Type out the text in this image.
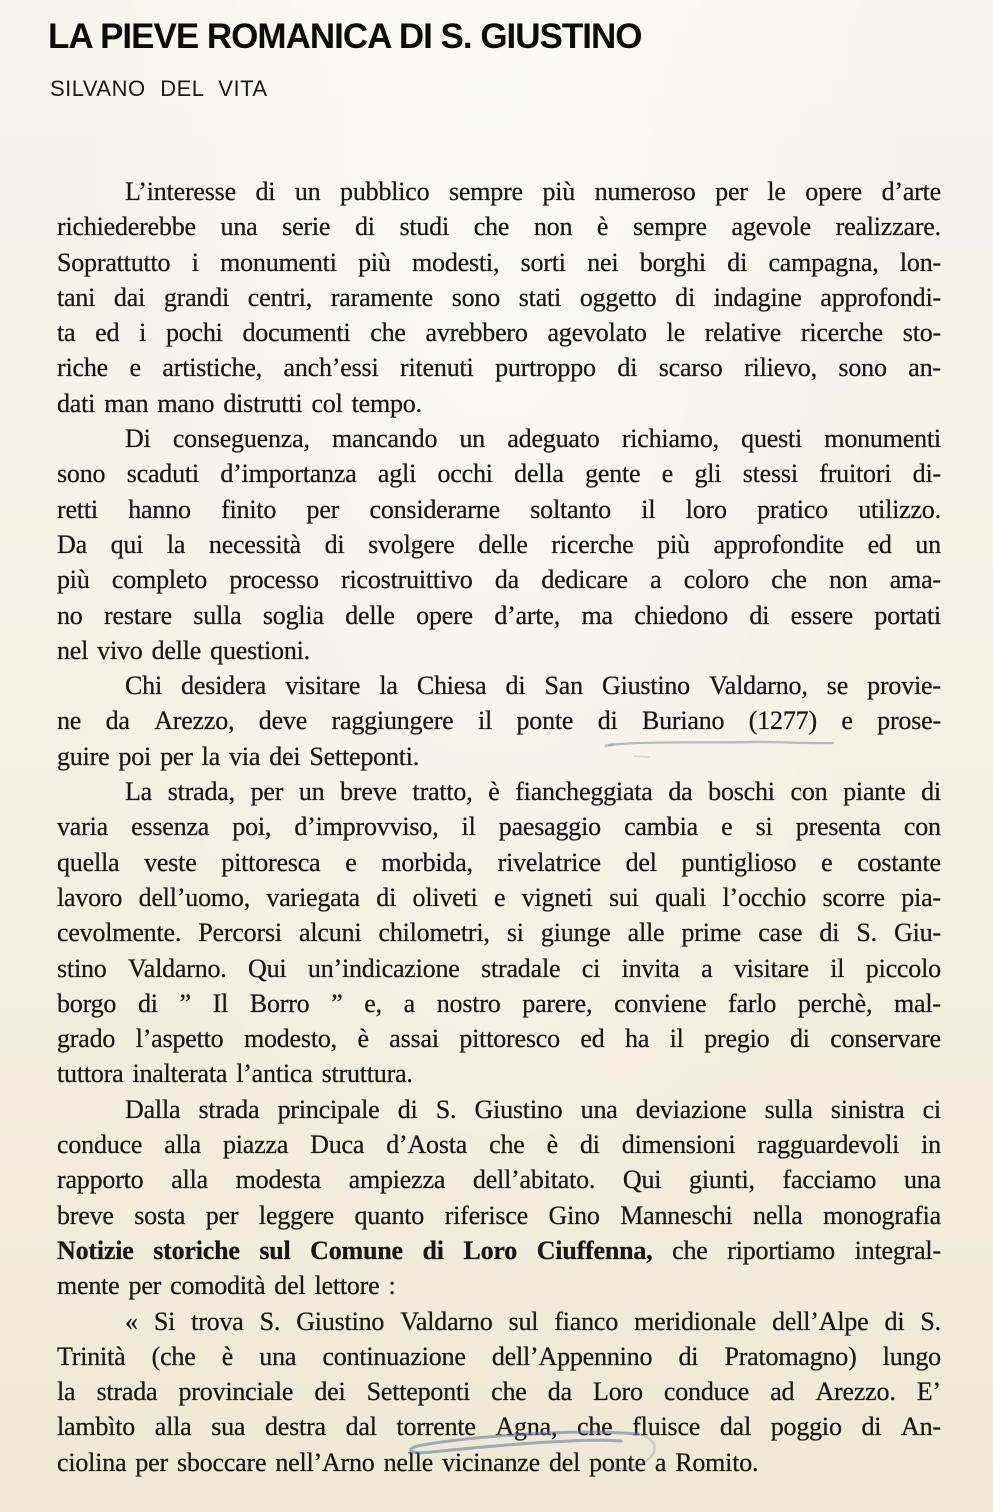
LA PIEVE ROMANICA DI S. GIUSTINO
SILVANO DEL VITA
L’interesse di un pubblico sempre più numeroso per le opere d’arte
richiederebbe una serie di studi che non è sempre agevole realizzare.
Soprattutto i monumenti più modesti, sorti nei borghi di campagna, lon-
tani dai grandi centri, raramente sono stati oggetto di indagine approfondi-
ta ed i pochi documenti che avrebbero agevolato le relative ricerche sto-
riche e artistiche, anch’essi ritenuti purtroppo di scarso rilievo, sono an-
dati man mano distrutti col tempo.
Di conseguenza, mancando un adeguato richiamo, questi monumenti
sono scaduti d’importanza agli occhi della gente e gli stessi fruitori di-
retti hanno finito per considerarne soltanto il loro pratico utilizzo.
Da qui la necessità di svolgere delle ricerche più approfondite ed un
più completo processo ricostruittivo da dedicare a coloro che non ama-
no restare sulla soglia delle opere d’arte, ma chiedono di essere portati
nel vivo delle questioni.
Chi desidera visitare la Chiesa di San Giustino Valdarno, se provie-
ne da Arezzo, deve raggiungere il ponte di Buriano (1277) e prose-
guire poi per la via dei Setteponti.
La strada, per un breve tratto, è fiancheggiata da boschi con piante di
varia essenza poi, d’improvviso, il paesaggio cambia e si presenta con
quella veste pittoresca e morbida, rivelatrice del puntiglioso e costante
lavoro dell’uomo, variegata di oliveti e vigneti sui quali l’occhio scorre pia-
cevolmente. Percorsi alcuni chilometri, si giunge alle prime case di S. Giu-
stino Valdarno. Qui un’indicazione stradale ci invita a visitare il piccolo
borgo di ” Il Borro ” e, a nostro parere, conviene farlo perchè, mal-
grado l’aspetto modesto, è assai pittoresco ed ha il pregio di conservare
tuttora inalterata l’antica struttura.
Dalla strada principale di S. Giustino una deviazione sulla sinistra ci
conduce alla piazza Duca d’Aosta che è di dimensioni ragguardevoli in
rapporto alla modesta ampiezza dell’abitato. Qui giunti, facciamo una
breve sosta per leggere quanto riferisce Gino Manneschi nella monografia
Notizie storiche sul Comune di Loro Ciuffenna, che riportiamo integral-
mente per comodità del lettore :
« Si trova S. Giustino Valdarno sul fianco meridionale dell’Alpe di S.
Trinità (che è una continuazione dell’Appennino di Pratomagno) lungo
la strada provinciale dei Setteponti che da Loro conduce ad Arezzo. E’
lambìto alla sua destra dal torrente Agna, che fluisce dal poggio di An-
ciolina per sboccare nell’Arno nelle vicinanze del ponte a Romito.
